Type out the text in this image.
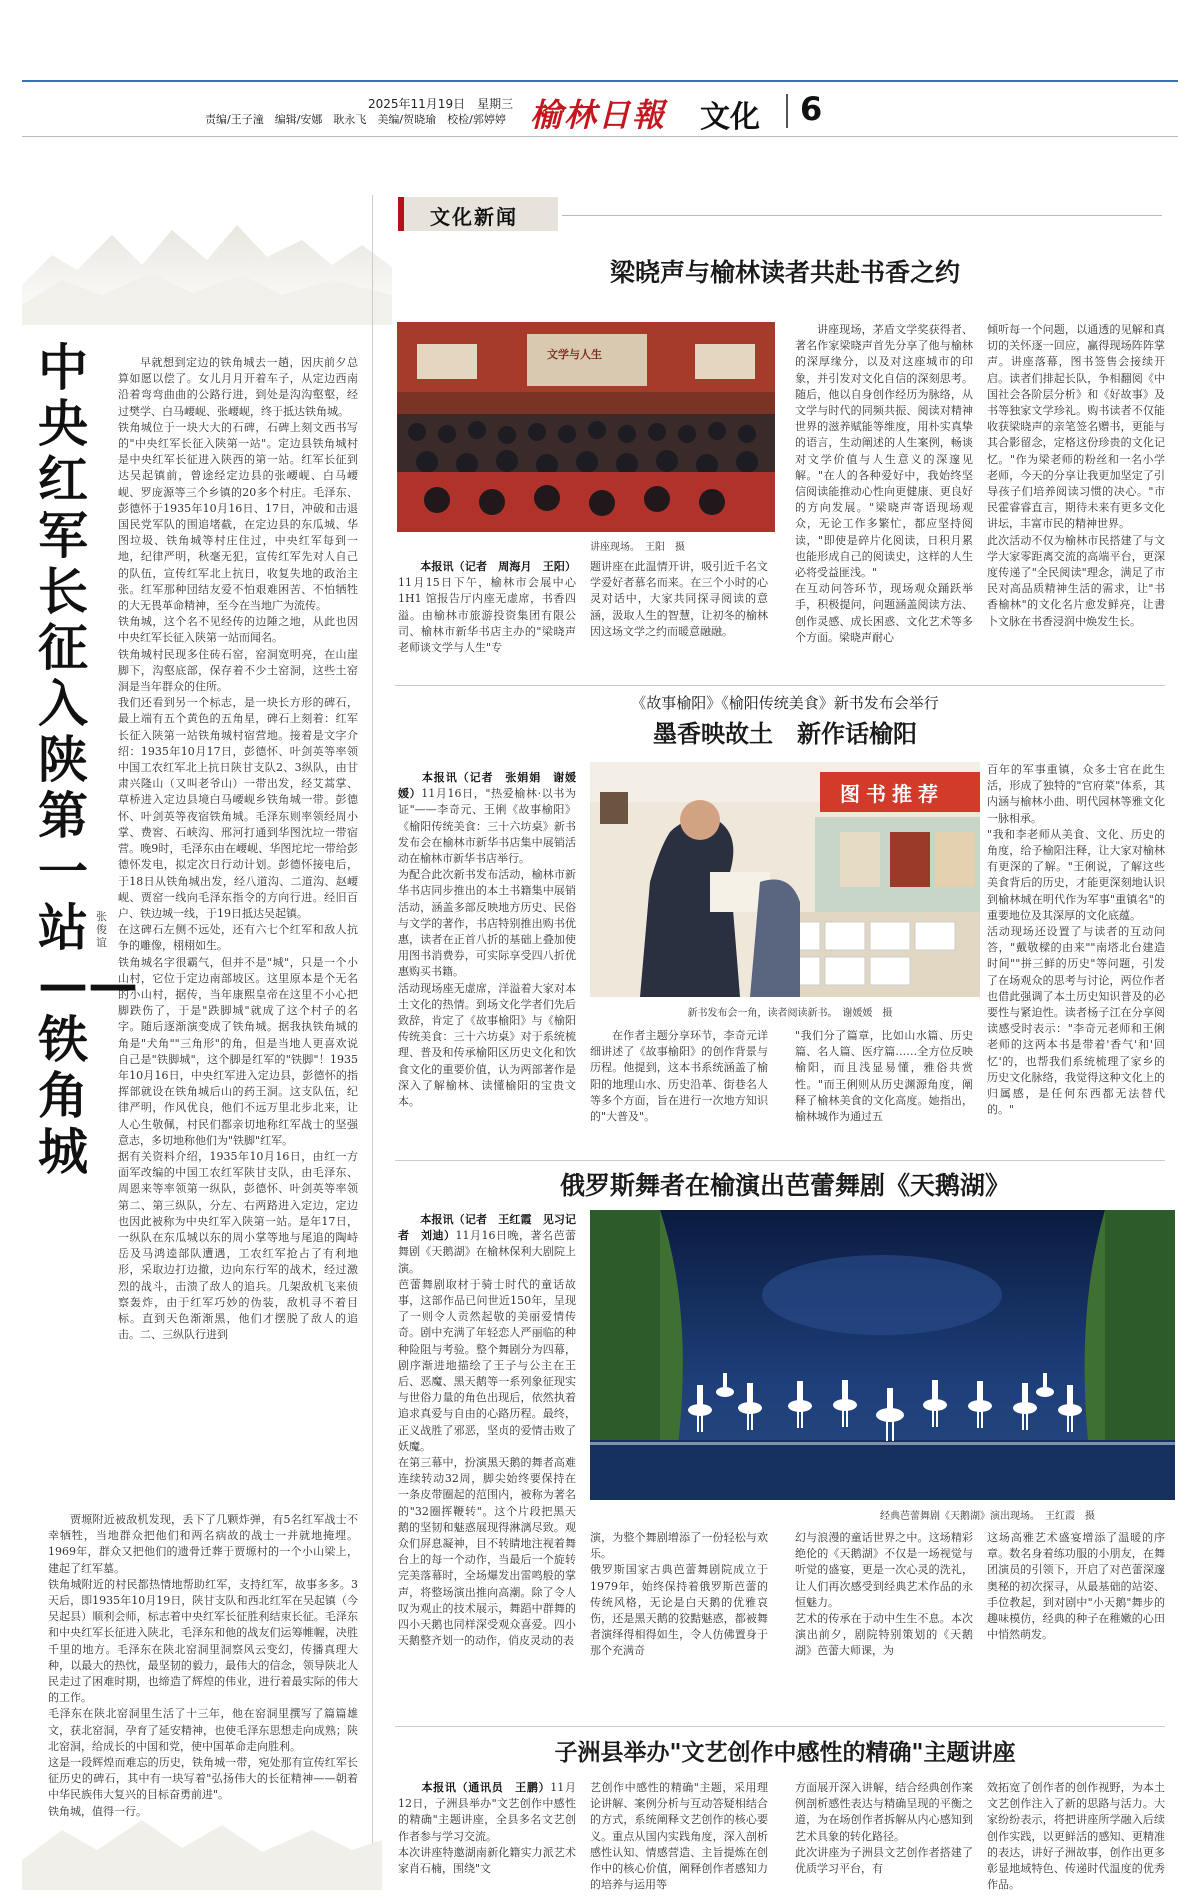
2025年11月19日　星期三
责编/王子潼　编辑/安娜　耿永飞　美编/贺晓瑜　校检/郭婷婷 榆林日報 文化 6
中央红军长征入陕第一站——铁角城
张俊谊
早就想到定边的铁角城去一趟，因庆前夕总算如愿以偿了。女儿月月开着车子，从定边西南沿着弯弯曲曲的公路行进，到处是沟沟壑壑，经过樊学、白马崾岘、张崾岘，终于抵达铁角城。
铁角城位于一块大大的石碑，石碑上刻文西书写的"中央红军长征入陕第一站"。定边县铁角城村是中央红军长征进入陕西的第一站。红军长征到达吴起镇前，曾途经定边县的张崾岘、白马崾岘、罗庞源等三个乡镇的20多个村庄。毛泽东、彭德怀于1935年10月16日、17日，冲破和击退国民党军队的围追堵截，在定边县的东瓜城、华图垃圾、铁角城等村庄住过，中央红军每到一地，纪律严明，秋毫无犯，宣传红军先对人自己的队伍，宣传红军北上抗日，收复失地的政治主张。红军那种団结友爱不怕艰难困苦、不怕牺牲的大无畏革命精神，至今在当地广为流传。
铁角城，这个名不见经传的边陲之地，从此也因中央红军长征入陕第一站而闻名。
铁角城村民现多住砖石窑，窑洞宽明亮，在山崖脚下，沟壑底部，保存着不少土窑洞，这些土窑洞是当年群众的住所。
我们还看到另一个标志，是一块长方形的碑石，最上端有五个黄色的五角星，碑石上刻着：红军长征入陕第一站铁角城村宿营地。接着是文字介绍：1935年10月17日，彭德怀、叶剑英等率领中国工农红军北上抗日陕甘支队2、3纵队，由甘肃兴隆山（又叫老爷山）一带出发，经艾蒿掌、草桥进入定边县境白马崾岘乡铁角城一带。彭德怀、叶剑英等夜宿铁角城。毛泽东则率领经周小掌、费窖、石峡沟、邢河打通到华图沈垃一带宿营。晚9时，毛泽东由在崾岘、华图坨坨一带给彭德怀发电，拟定次日行动计划。彭德怀接电后，于18日从铁角城出发，经八道沟、二道沟、赵崾岘、贾窑一线向毛泽东指令的方向行进。经旧百户、铁边城一线，于19日抵达吴起镇。
在这碑石左侧不远处，还有六七个红军和敌人抗争的雕像，栩栩如生。
铁角城名字很霸气，但并不是"城"，只是一个小山村，它位于定边南部坡区。这里原本是个无名的小山村，据传，当年康熙皇帝在这里不小心把脚跌伤了，于是"跌脚城"就成了这个村子的名字。随后逐渐演变成了铁角城。据我执铁角城的角是"犬角""三角形"的角，但是当地人更喜欢说自己是"铁脚城"，这个脚是红军的"铁脚"！1935年10月16日，中央红军进入定边县，彭德怀的指挥部就设在铁角城后山的药王洞。这支队伍，纪律严明，作风优良，他们不远万里北步北来，让人心生敬佩，村民们都亲切地称红军战士的坚强意志，多切地称他们为"铁脚"红军。
据有关资料介绍，1935年10月16日，由红一方面军改编的中国工农红军陕甘支队，由毛泽东、周恩来等率领第一纵队，彭德怀、叶剑英等率领第二、第三纵队，分左、右两路进入定边，定边也因此被称为中央红军入陕第一站。是年17日，一纵队在东瓜城以东的周小掌等地与尾追的陶峙岳及马鸿逵部队遭遇，工农红军抢占了有利地形，采取边打边撤，边向东行军的战术，经过激烈的战斗，击溃了敌人的追兵。几架敌机飞来侦察轰炸，由于红军巧妙的伪装，敌机寻不着目标。直到天色渐渐黑，他们才摆脱了敌人的追击。二、三纵队行进到
贾塬附近被敌机发现，丢下了几颗炸弹，有5名红军战士不幸牺牲，当地群众把他们和两名病故的战士一并就地掩埋。1969年，群众又把他们的遗骨迁葬于贾塬村的一个小山梁上，建起了红军墓。
铁角城附近的村民都热情地帮助红军，支持红军，故事多多。3天后，即1935年10月19日，陕甘支队和西北红军在吴起镇（今吴起县）顺利会师，标志着中央红军长征胜利结束长征。毛泽东和中央红军长征进入陕北，毛泽东和他的战友们运筹帷幄，决胜千里的地方。毛泽东在陕北窑洞里洞察风云变幻，传播真理大种，以最大的热忱，最坚韧的毅力，最伟大的信念，领导陕北人民走过了困难时期，也缔造了辉煌的伟业，进行着最实际的伟大的工作。
毛泽东在陕北窑洞里生活了十三年，他在窑洞里撰写了篇篇雄文，获北窑洞，孕育了延安精神，也使毛泽东思想走向成熟；陕北窑洞，给成长的中国和党，使中国革命走向胜利。
这是一段辉煌而难忘的历史，铁角城一带，宛处那有宣传红军长征历史的碑石，其中有一块写着"弘扬伟大的长征精神——朝着中华民族伟大复兴的目标奋勇前进"。
铁角城，值得一行。
文化新闻
梁晓声与榆林读者共赴书香之约
文学与人生
讲座现场。　王阳　摄
　　本报讯（记者　周海月　王阳）11月15日下午，榆林市会展中心1H1 馆报告厅内座无虚席，书香四溢。由榆林市旅游投资集团有限公司、榆林市新华书店主办的"梁晓声老师谈文学与人生"专
题讲座在此温情开讲，吸引近千名文学爱好者慕名而来。在三个小时的心灵对话中，大家共同探寻阅读的意涵，汲取人生的智慧，让初冬的榆林因这场文学之约而暖意融融。
讲座现场，茅盾文学奖获得者、著名作家梁晓声首先分享了他与榆林的深厚缘分，以及对这座城市的印象，并引发对文化自信的深刻思考。随后，他以自身创作经历为脉络，从文学与时代的同频共振、阅读对精神世界的滋养赋能等维度，用朴实真挚的语言，生动阐述的人生案例，畅谈对文学价值与人生意义的深邃见解。"在人的各种爱好中，我始终坚信阅读能推动心性向更健康、更良好的方向发展。"梁晓声寄语现场观众，无论工作多繁忙，都应坚持阅读，"即使是碎片化阅读，日积月累也能形成自己的阅读史，这样的人生必将受益匪浅。"
在互动问答环节，现场观众踊跃举手，积极提问，问题涵盖阅读方法、创作灵感、成长困惑、文化艺术等多个方面。梁晓声耐心
倾听每一个问题，以通透的见解和真切的关怀逐一回应，赢得现场阵阵掌声。讲座落幕，图书签售会接续开启。读者们排起长队，争相翻阅《中国社会各阶层分析》和《好故事》及书等独家文学珍礼。购书读者不仅能收获梁晓声的亲笔签名赠书，更能与其合影留念，定格这份珍贵的文化记忆。"作为梁老师的粉丝和一名小学老师，今天的分享让我更加坚定了引导孩子们培养阅读习惯的决心。"市民霍睿睿直言，期待未来有更多文化讲坛，丰富市民的精神世界。
此次活动不仅为榆林市民搭建了与文学大家零距离交流的高端平台，更深度传递了"全民阅读"理念，满足了市民对高品质精神生活的需求，让"书香榆林"的文化名片愈发鲜亮，让書卜文脉在书香浸润中焕发生长。
《故事榆阳》《榆阳传统美食》新书发布会举行
墨香映故土　新作话榆阳
　　本报讯（记者　张娟娟　谢媛媛）11月16日，"热爱榆林·以书为证"——李奇元、王俐《故事榆阳》《榆阳传统美食：三十六坊桌》新书发布会在榆林市新华书店集中展销活动在榆林市新华书店举行。
为配合此次新书发布活动，榆林市新华书店同步推出的本土书籍集中展销活动，涵盖多部反映地方历史、民俗与文学的著作，书店特别推出购书优惠，读者在正首八折的基础上叠加使用图书消费券，可实际享受四八折优惠购买书籍。
活动现场座无虚席，洋溢着大家对本土文化的热情。到场文化学者们先后致辞，肯定了《故事榆阳》与《榆阳传统美食：三十六坊桌》对于系统梳理、普及和传承榆阳区历史文化和饮食文化的重要价值，认为两部著作是深入了解榆林、读懂榆阳的宝贵文本。
图书推荐
新书发布会一角，读者阅读新书。　谢媛媛　摄
在作者主题分享环节，李奇元详细讲述了《故事榆阳》的创作背景与历程。他提到，这本书系统涵盖了榆阳的地理山水、历史沿革、街巷名人等多个方面，旨在进行一次地方知识的"大普及"。
"我们分了篇章，比如山水篇、历史篇、名人篇、医疗篇……全方位反映榆阳，而且浅显易懂，雅俗共赏性。"而王俐则从历史渊源角度，阐释了榆林美食的文化高度。她指出，榆林城作为通过五
百年的军事重镇，众多士官在此生活，形成了独特的"官府菜"体系，其内涵与榆林小曲、明代园林等雅文化一脉相承。
"我和李老师从美食、文化、历史的角度，给予榆阳注释，让大家对榆林有更深的了解。"王俐说，了解这些美食背后的历史，才能更深刻地认识到榆林城在明代作为军事"重镇名"的重要地位及其深厚的文化底蕴。
活动现场还设置了与读者的互动问答，"戴敬樑的由来""南塔北台建造时间""拼三鲜的历史"等问题，引发了在场观众的思考与讨论，两位作者也借此强调了本土历史知识普及的必要性与紧迫性。读者杨子江在分享阅读感受时表示："李奇元老师和王俐老师的这两本书是带着'香气'和'回忆'的，也帮我们系统梳理了家乡的历史文化脉络，我觉得这种文化上的归属感，是任何东西都无法替代的。"
俄罗斯舞者在榆演出芭蕾舞剧《天鹅湖》
　　本报讯（记者　王红霞　见习记者　刘迪）11月16日晚，著名芭蕾舞剧《天鹅湖》在榆林保利大剧院上演。
芭蕾舞剧取材于骑士时代的童话故事，这部作品已问世近150年，呈现了一则令人贡然起敬的美丽爱情传奇。剧中充满了年轻恋人严丽临的种种险阻与考验。整个舞剧分为四幕，剧序渐进地描绘了王子与公主在王后、恶魔、黑天鹅等一系列象征现实与世俗力量的角色出现后，依然执着追求真爱与自由的心路历程。最终，正义战胜了邪恶，坚贞的爱情击败了妖魔。
在第三幕中，扮演黑天鹅的舞者高难连续转动32周，脚尖始终要保持在一条皮带圈起的范围内，被称为著名的"32圈挥鞭转"。这个片段把黑天鹅的坚韧和魅惑展现得淋漓尽致。观众们屏息凝神，目不转睛地注视着舞台上的每一个动作，当最后一个旋转完美落幕时，全场爆发出雷鸣般的掌声，将整场演出推向高潮。除了令人叹为观止的技术展示，舞蹈中群舞的四小天鹅也同样深受观众喜爱。四小天鹅整齐划一的动作，俏皮灵动的表
经典芭蕾舞剧《天鹅湖》演出现场。　王红霞　摄
演，为整个舞剧增添了一份轻松与欢乐。
俄罗斯国家古典芭蕾舞剧院成立于1979年，始终保持着俄罗斯芭蕾的传统风格，无论是白天鹅的优雅哀伤，还是黑天鹅的狡黠魅惑，都被舞者演绎得相得如生，令人仿佛置身于那个充满奇
幻与浪漫的童话世界之中。这场精彩绝伦的《天鹅湖》不仅是一场视觉与听觉的盛宴，更是一次心灵的洗礼，让人们再次感受到经典艺术作品的永恒魅力。
艺术的传承在于动中生生不息。本次演出前夕，剧院特别策划的《天鹅湖》芭蕾大师课，为
这场高雅艺术盛宴增添了温暖的序章。数名身着练功服的小朋友，在舞团演员的引领下，开启了对芭蕾深邃奥秘的初次探寻，从最基础的站姿、手位教起，到对剧中"小天鹅"舞步的趣味模仿，经典的种子在稚嫩的心田中悄然萌发。
子洲县举办"文艺创作中感性的精确"主题讲座
　　本报讯（通讯员　王鹏）11月12日，子洲县举办"文艺创作中感性的精确"主题讲座，全县多名文艺创作者参与学习交流。
本次讲座特邀湖南新化籍实力派艺术家肖石楠，围绕"文
艺创作中感性的精确"主题，采用理论讲解、案例分析与互动答疑相结合的方式，系统阐释文艺创作的核心要义。重点从国内实践角度，深入剖析感性认知、情感营造、主旨提炼在创作中的核心价值，阐释创作者感知力的培养与运用等
方面展开深入讲解，结合经典创作案例剖析感性表达与精确呈现的平衡之道，为在场创作者拆解从内心感知到艺术具象的转化路径。
此次讲座为子洲县文艺创作者搭建了优质学习平台，有
效拓宽了创作者的创作视野，为本土文艺创作注入了新的思路与活力。大家纷纷表示，将把讲座所学融入后续创作实践，以更鲜活的感知、更精准的表达，讲好子洲故事，创作出更多彰显地域特色、传递时代温度的优秀作品。
